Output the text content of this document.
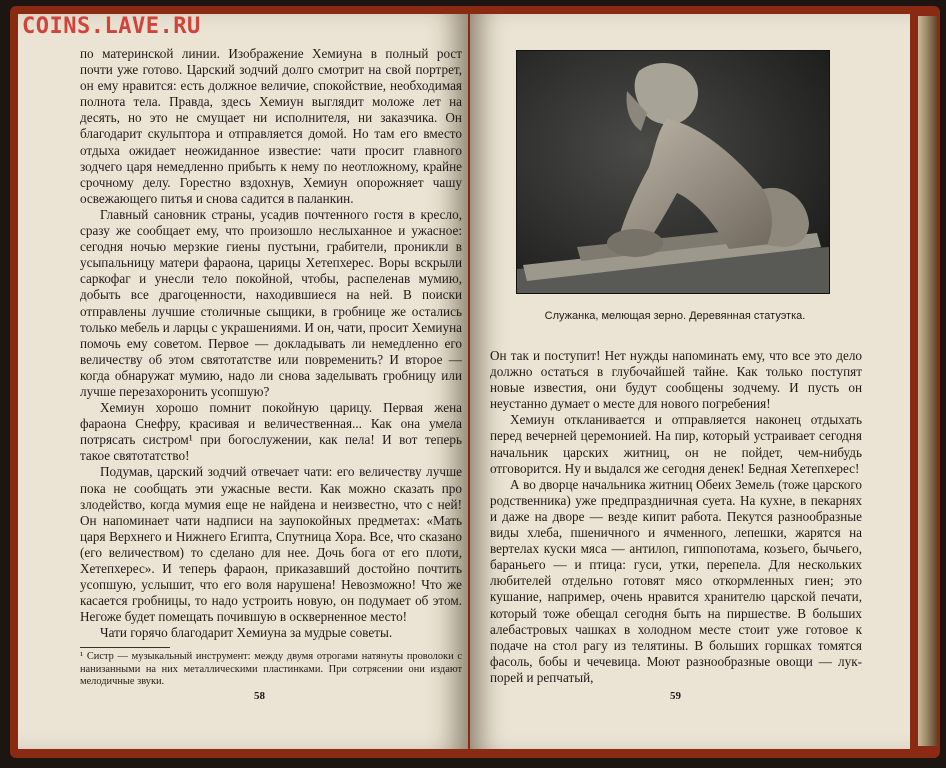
по материнской линии. Изображение Хемиуна в полный рост почти уже готово. Царский зодчий долго смотрит на свой портрет, он ему нравится: есть должное величие, спокойствие, необходимая полнота тела. Правда, здесь Хемиун выглядит моложе лет на десять, но это не смущает ни исполнителя, ни заказчика. Он благодарит скульптора и отправляется домой. Но там его вместо отдыха ожидает неожиданное известие: чати просит главного зодчего царя немедленно прибыть к нему по неотложному, крайне срочному делу. Горестно вздохнув, Хемиун опорожняет чашу освежающего питья и снова садится в паланкин.

Главный сановник страны, усадив почтенного гостя в кресло, сразу же сообщает ему, что произошло неслыханное и ужасное: сегодня ночью мерзкие гиены пустыни, грабители, проникли в усыпальницу матери фараона, царицы Хетепхерес. Воры вскрыли саркофаг и унесли тело покойной, чтобы, распеленав мумию, добыть все драгоценности, находившиеся на ней. В поиски отправлены лучшие столичные сыщики, в гробнице же остались только мебель и ларцы с украшениями. И он, чати, просит Хемиуна помочь ему советом. Первое — докладывать ли немедленно его величеству об этом святотатстве или повременить? И второе — когда обнаружат мумию, надо ли снова заделывать гробницу или лучше перезахоронить усопшую?

Хемиун хорошо помнит покойную царицу. Первая жена фараона Снефру, красивая и величественная... Как она умела потрясать систром¹ при богослужении, как пела! И вот теперь такое святотатство!

Подумав, царский зодчий отвечает чати: его величеству лучше пока не сообщать эти ужасные вести. Как можно сказать про злодейство, когда мумия еще не найдена и неизвестно, что с ней! Он напоминает чати надписи на заупокойных предметах: «Мать царя Верхнего и Нижнего Египта, Спутница Хора. Все, что сказано (его величеством) то сделано для нее. Дочь бога от его плоти, Хетепхерес». И теперь фараон, приказавший достойно почтить усопшую, услышит, что его воля нарушена! Невозможно! Что же касается гробницы, то надо устроить новую, он подумает об этом. Негоже будет помещать почившую в оскверненное место!

Чати горячо благодарит Хемиуна за мудрые советы.

¹ Систр — музыкальный инструмент: между двумя отрогами натянуты проволоки с нанизанными на них металлическими пластинками. При сотрясении они издают мелодичные звуки.

58
Служанка, мелющая зерно. Деревянная статуэтка.

Он так и поступит! Нет нужды напоминать ему, что все это дело должно остаться в глубочайшей тайне. Как только поступят новые известия, они будут сообщены зодчему. И пусть он неустанно думает о месте для нового погребения!

Хемиун откланивается и отправляется наконец отдыхать перед вечерней церемонией. На пир, который устраивает сегодня начальник царских житниц, он не пойдет, чем-нибудь отговорится. Ну и выдался же сегодня денек! Бедная Хетепхерес!

А во дворце начальника житниц Обеих Земель (тоже царского родственника) уже предпраздничная суета. На кухне, в пекарнях и даже на дворе — везде кипит работа. Пекутся разнообразные виды хлеба, пшеничного и ячменного, лепешки, жарятся на вертелах куски мяса — антилоп, гиппопотама, козьего, бычьего, бараньего — и птица: гуси, утки, перепела. Для нескольких любителей отдельно готовят мясо откормленных гиен; это кушание, например, очень нравится хранителю царской печати, который тоже обещал сегодня быть на пиршестве. В больших алебастровых чашках в холодном месте стоит уже готовое к подаче на стол рагу из телятины. В больших горшках томятся фасоль, бобы и чечевица. Моют разнообразные овощи — лук-порей и репчатый,

59
COINS.LAVE.RU
